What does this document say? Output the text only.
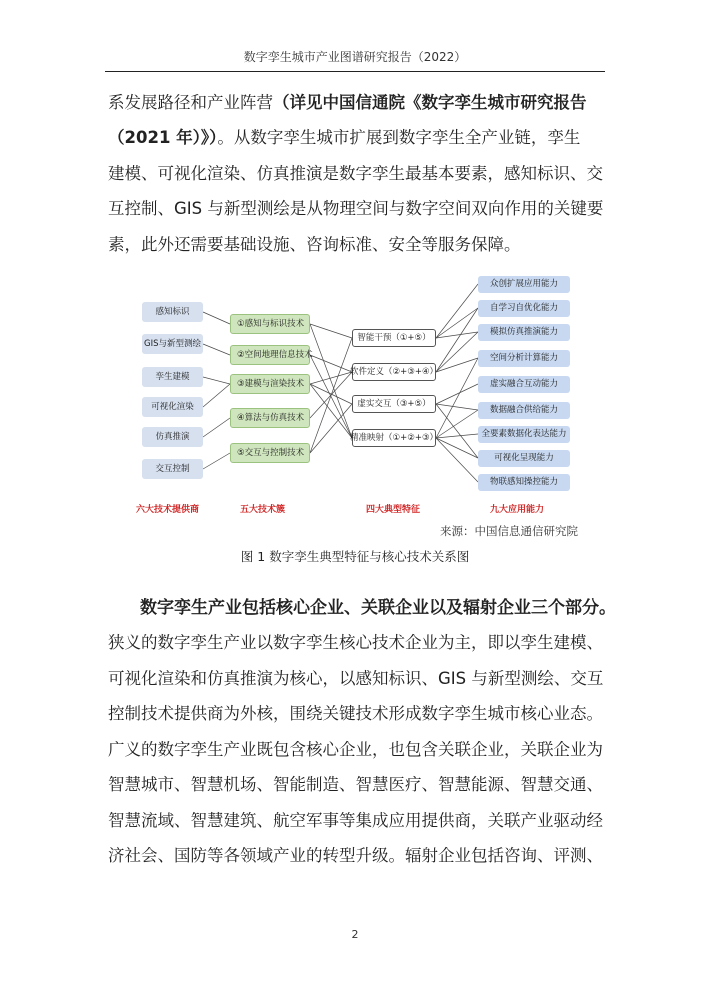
数字孪生城市产业图谱研究报告（2022）
系发展路径和产业阵营（详见中国信通院《数字孪生城市研究报告
（2021 年）》）。从数字孪生城市扩展到数字孪生全产业链，孪生
建模、可视化渲染、仿真推演是数字孪生最基本要素，感知标识、交
互控制、GIS 与新型测绘是从物理空间与数字空间双向作用的关键要
素，此外还需要基础设施、咨询标准、安全等服务保障。
感知标识
GIS与新型测绘
孪生建模
可视化渲染
仿真推演
交互控制
①感知与标识技术
②空间地理信息技术
③建模与渲染技术
④算法与仿真技术
⑤交互与控制技术
智能干预（①+⑤）
软件定义（②+③+④）
虚实交互（③+⑤）
精准映射（①+②+③）
众创扩展应用能力
自学习自优化能力
模拟仿真推演能力
空间分析计算能力
虚实融合互动能力
数据融合供给能力
全要素数据化表达能力
可视化呈现能力
物联感知操控能力
六大技术提供商	五大技术簇	四大典型特征	九大应用能力
来源：中国信息通信研究院
图 1 数字孪生典型特征与核心技术关系图
数字孪生产业包括核心企业、关联企业以及辐射企业三个部分。
狭义的数字孪生产业以数字孪生核心技术企业为主，即以孪生建模、
可视化渲染和仿真推演为核心，以感知标识、GIS 与新型测绘、交互
控制技术提供商为外核，围绕关键技术形成数字孪生城市核心业态。
广义的数字孪生产业既包含核心企业，也包含关联企业，关联企业为
智慧城市、智慧机场、智能制造、智慧医疗、智慧能源、智慧交通、
智慧流域、智慧建筑、航空军事等集成应用提供商，关联产业驱动经
济社会、国防等各领域产业的转型升级。辐射企业包括咨询、评测、
2
